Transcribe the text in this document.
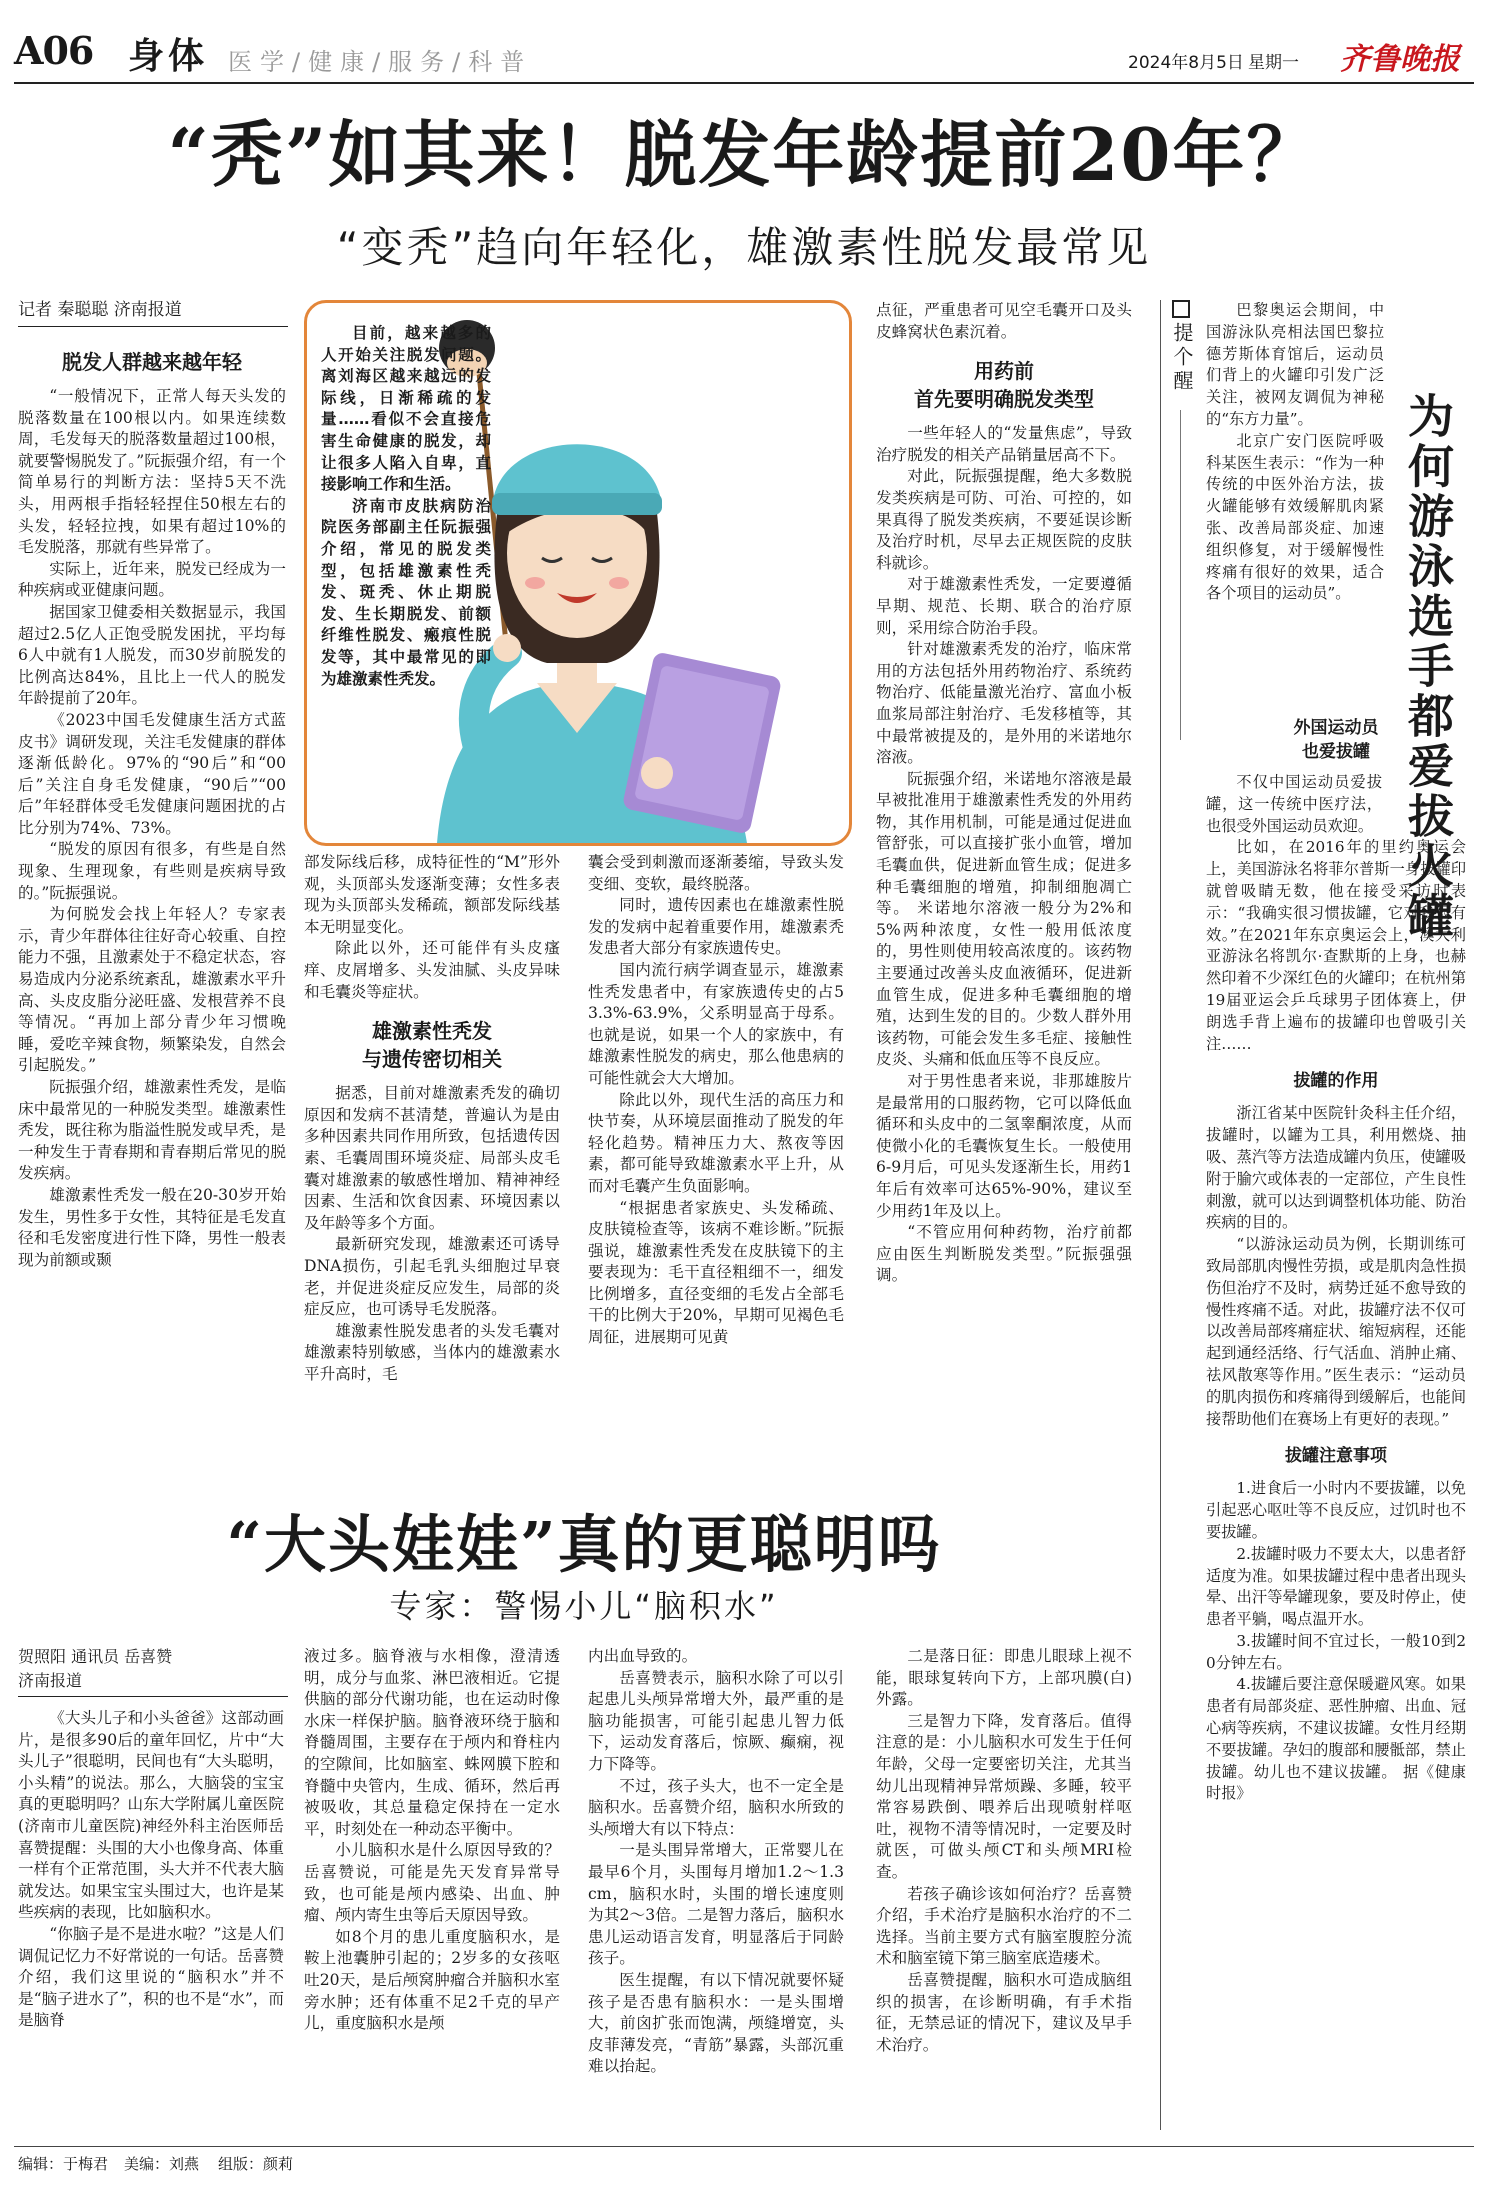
A06 身体 医学/健康/服务/科普	2024年8月5日 星期一 齐鲁晚报
“秃”如其来！脱发年龄提前20年？
“变秃”趋向年轻化，雄激素性脱发最常见
记者 秦聪聪 济南报道

脱发人群越来越年轻

“一般情况下，正常人每天头发的脱落数量在100根以内。如果连续数周，毛发每天的脱落数量超过100根，就要警惕脱发了。”阮振强介绍，有一个简单易行的判断方法：坚持5天不洗头，用两根手指轻轻捏住50根左右的头发，轻轻拉拽，如果有超过10%的毛发脱落，那就有些异常了。

实际上，近年来，脱发已经成为一种疾病或亚健康问题。

据国家卫健委相关数据显示，我国超过2.5亿人正饱受脱发困扰，平均每6人中就有1人脱发，而30岁前脱发的比例高达84%，且比上一代人的脱发年龄提前了20年。

《2023中国毛发健康生活方式蓝皮书》调研发现，关注毛发健康的群体逐渐低龄化。97%的“90后”和“00后”关注自身毛发健康，“90后”“00后”年轻群体受毛发健康问题困扰的占比分别为74%、73%。

“脱发的原因有很多，有些是自然现象、生理现象，有些则是疾病导致的。”阮振强说。

为何脱发会找上年轻人？专家表示，青少年群体往往好奇心较重、自控能力不强，且激素处于不稳定状态，容易造成内分泌系统紊乱，雄激素水平升高、头皮皮脂分泌旺盛、发根营养不良等情况。“再加上部分青少年习惯晚睡，爱吃辛辣食物，频繁染发，自然会引起脱发。”

阮振强介绍，雄激素性秃发，是临床中最常见的一种脱发类型。雄激素性秃发，既往称为脂溢性脱发或早秃，是一种发生于青春期和青春期后常见的脱发疾病。

雄激素性秃发一般在20-30岁开始发生，男性多于女性，其特征是毛发直径和毛发密度进行性下降，男性一般表现为前额或颞

目前，越来越多的人开始关注脱发问题。离刘海区越来越远的发际线，日渐稀疏的发量……看似不会直接危害生命健康的脱发，却让很多人陷入自卑，直接影响工作和生活。

济南市皮肤病防治院医务部副主任阮振强介绍，常见的脱发类型，包括雄激素性秃发、斑秃、休止期脱发、生长期脱发、前额纤维性脱发、瘢痕性脱发等，其中最常见的即为雄激素性秃发。

部发际线后移，成特征性的“M”形外观，头顶部头发逐渐变薄；女性多表现为头顶部头发稀疏，额部发际线基本无明显变化。

除此以外，还可能伴有头皮瘙痒、皮屑增多、头发油腻、头皮异味和毛囊炎等症状。

雄激素性秃发
与遗传密切相关

据悉，目前对雄激素秃发的确切原因和发病不甚清楚，普遍认为是由多种因素共同作用所致，包括遗传因素、毛囊周围环境炎症、局部头皮毛囊对雄激素的敏感性增加、精神神经因素、生活和饮食因素、环境因素以及年龄等多个方面。

最新研究发现，雄激素还可诱导DNA损伤，引起毛乳头细胞过早衰老，并促进炎症反应发生，局部的炎症反应，也可诱导毛发脱落。

雄激素性脱发患者的头发毛囊对雄激素特别敏感，当体内的雄激素水平升高时，毛

囊会受到刺激而逐渐萎缩，导致头发变细、变软，最终脱落。

同时，遗传因素也在雄激素性脱发的发病中起着重要作用，雄激素秃发患者大部分有家族遗传史。

国内流行病学调查显示，雄激素性秃发患者中，有家族遗传史的占53.3%-63.9%，父系明显高于母系。也就是说，如果一个人的家族中，有雄激素性脱发的病史，那么他患病的可能性就会大大增加。

除此以外，现代生活的高压力和快节奏，从环境层面推动了脱发的年轻化趋势。精神压力大、熬夜等因素，都可能导致雄激素水平上升，从而对毛囊产生负面影响。

“根据患者家族史、头发稀疏、皮肤镜检查等，该病不难诊断。”阮振强说，雄激素性秃发在皮肤镜下的主要表现为：毛干直径粗细不一，细发比例增多，直径变细的毛发占全部毛干的比例大于20%，早期可见褐色毛周征，进展期可见黄

点征，严重患者可见空毛囊开口及头皮蜂窝状色素沉着。

用药前
首先要明确脱发类型

一些年轻人的“发量焦虑”，导致治疗脱发的相关产品销量居高不下。

对此，阮振强提醒，绝大多数脱发类疾病是可防、可治、可控的，如果真得了脱发类疾病，不要延误诊断及治疗时机，尽早去正规医院的皮肤科就诊。

对于雄激素性秃发，一定要遵循早期、规范、长期、联合的治疗原则，采用综合防治手段。

针对雄激素秃发的治疗，临床常用的方法包括外用药物治疗、系统药物治疗、低能量激光治疗、富血小板血浆局部注射治疗、毛发移植等，其中最常被提及的，是外用的米诺地尔溶液。

阮振强介绍，米诺地尔溶液是最早被批准用于雄激素性秃发的外用药物，其作用机制，可能是通过促进血管舒张，可以直接扩张小血管，增加毛囊血供，促进新血管生成；促进多种毛囊细胞的增殖，抑制细胞凋亡等。 米诺地尔溶液一般分为2%和5%两种浓度，女性一般用低浓度的，男性则使用较高浓度的。该药物主要通过改善头皮血液循环，促进新血管生成，促进多种毛囊细胞的增殖，达到生发的目的。少数人群外用该药物，可能会发生多毛症、接触性皮炎、头痛和低血压等不良反应。

对于男性患者来说，非那雄胺片是最常用的口服药物，它可以降低血循环和头皮中的二氢睾酮浓度，从而使微小化的毛囊恢复生长。一般使用6-9月后，可见头发逐渐生长，用药1年后有效率可达65%-90%，建议至少用药1年及以上。

“不管应用何种药物，治疗前都应由医生判断脱发类型。”阮振强强调。

“大头娃娃”真的更聪明吗
专家：警惕小儿“脑积水”
贺照阳 通讯员 岳喜赞
济南报道

《大头儿子和小头爸爸》这部动画片，是很多90后的童年回忆，片中“大头儿子”很聪明，民间也有“大头聪明，小头精”的说法。那么，大脑袋的宝宝真的更聪明吗？山东大学附属儿童医院(济南市儿童医院)神经外科主治医师岳喜赞提醒：头围的大小也像身高、体重一样有个正常范围，头大并不代表大脑就发达。如果宝宝头围过大，也许是某些疾病的表现，比如脑积水。

“你脑子是不是进水啦？”这是人们调侃记忆力不好常说的一句话。岳喜赞介绍，我们这里说的“脑积水”并不是“脑子进水了”，积的也不是“水”，而是脑脊

液过多。脑脊液与水相像，澄清透明，成分与血浆、淋巴液相近。它提供脑的部分代谢功能，也在运动时像水床一样保护脑。脑脊液环绕于脑和脊髓周围，主要存在于颅内和脊柱内的空隙间，比如脑室、蛛网膜下腔和脊髓中央管内，生成、循环，然后再被吸收，其总量稳定保持在一定水平，时刻处在一种动态平衡中。

小儿脑积水是什么原因导致的？岳喜赞说，可能是先天发育异常导致，也可能是颅内感染、出血、肿瘤、颅内寄生虫等后天原因导致。

如8个月的患儿重度脑积水，是鞍上池囊肿引起的；2岁多的女孩呕吐20天，是后颅窝肿瘤合并脑积水室旁水肿；还有体重不足2千克的早产儿，重度脑积水是颅

内出血导致的。

岳喜赞表示，脑积水除了可以引起患儿头颅异常增大外，最严重的是脑功能损害，可能引起患儿智力低下，运动发育落后，惊厥、癫痫，视力下降等。

不过，孩子头大，也不一定全是脑积水。岳喜赞介绍，脑积水所致的头颅增大有以下特点：

一是头围异常增大，正常婴儿在最早6个月，头围每月增加1.2～1.3 cm，脑积水时，头围的增长速度则为其2～3倍。二是智力落后，脑积水患儿运动语言发育，明显落后于同龄孩子。

医生提醒，有以下情况就要怀疑孩子是否患有脑积水：一是头围增大，前囟扩张而饱满，颅缝增宽，头皮菲薄发亮，“青筋”暴露，头部沉重难以抬起。

二是落日征：即患儿眼球上视不能，眼球复转向下方，上部巩膜(白)外露。

三是智力下降，发育落后。值得注意的是：小儿脑积水可发生于任何年龄，父母一定要密切关注，尤其当幼儿出现精神异常烦躁、多睡，较平常容易跌倒、喂养后出现喷射样呕吐，视物不清等情况时，一定要及时就医，可做头颅CT和头颅MRI检查。

若孩子确诊该如何治疗？岳喜赞介绍，手术治疗是脑积水治疗的不二选择。当前主要方式有脑室腹腔分流术和脑室镜下第三脑室底造瘘术。

岳喜赞提醒，脑积水可造成脑组织的损害，在诊断明确，有手术指征，无禁忌证的情况下，建议及早手术治疗。

提个醒

巴黎奥运会期间，中国游泳队亮相法国巴黎拉德芳斯体育馆后，运动员们背上的火罐印引发广泛关注，被网友调侃为神秘的“东方力量”。

北京广安门医院呼吸科某医生表示：“作为一种传统的中医外治方法，拔火罐能够有效缓解肌肉紧张、改善局部炎症、加速组织修复，对于缓解慢性疼痛有很好的效果，适合各个项目的运动员”。	为何游泳选手都爱拔火罐

外国运动员
也爱拔罐

不仅中国运动员爱拔罐，这一传统中医疗法，也很受外国运动员欢迎。

比如，在2016年的里约奥运会上，美国游泳名将菲尔普斯一身拔罐印就曾吸睛无数，他在接受采访时表示：“我确实很习惯拔罐，它对我很有效。”在2021年东京奥运会上，澳大利亚游泳名将凯尔·查默斯的上身，也赫然印着不少深红色的火罐印；在杭州第19届亚运会乒乓球男子团体赛上，伊朗选手背上遍布的拔罐印也曾吸引关注……

拔罐的作用

浙江省某中医院针灸科主任介绍，拔罐时，以罐为工具，利用燃烧、抽吸、蒸汽等方法造成罐内负压，使罐吸附于腧穴或体表的一定部位，产生良性刺激，就可以达到调整机体功能、防治疾病的目的。

“以游泳运动员为例，长期训练可致局部肌肉慢性劳损，或是肌肉急性损伤但治疗不及时，病势迁延不愈导致的慢性疼痛不适。对此，拔罐疗法不仅可以改善局部疼痛症状、缩短病程，还能起到通经活络、行气活血、消肿止痛、祛风散寒等作用。”医生表示：“运动员的肌肉损伤和疼痛得到缓解后，也能间接帮助他们在赛场上有更好的表现。”

拔罐注意事项

1.进食后一小时内不要拔罐，以免引起恶心呕吐等不良反应，过饥时也不要拔罐。

2.拔罐时吸力不要太大，以患者舒适度为准。如果拔罐过程中患者出现头晕、出汗等晕罐现象，要及时停止，使患者平躺，喝点温开水。

3.拔罐时间不宜过长，一般10到20分钟左右。

4.拔罐后要注意保暖避风寒。如果患者有局部炎症、恶性肿瘤、出血、冠心病等疾病，不建议拔罐。女性月经期不要拔罐。孕妇的腹部和腰骶部，禁止拔罐。幼儿也不建议拔罐。 据《健康时报》

编辑：于梅君 美编：刘燕 组版：颜莉
